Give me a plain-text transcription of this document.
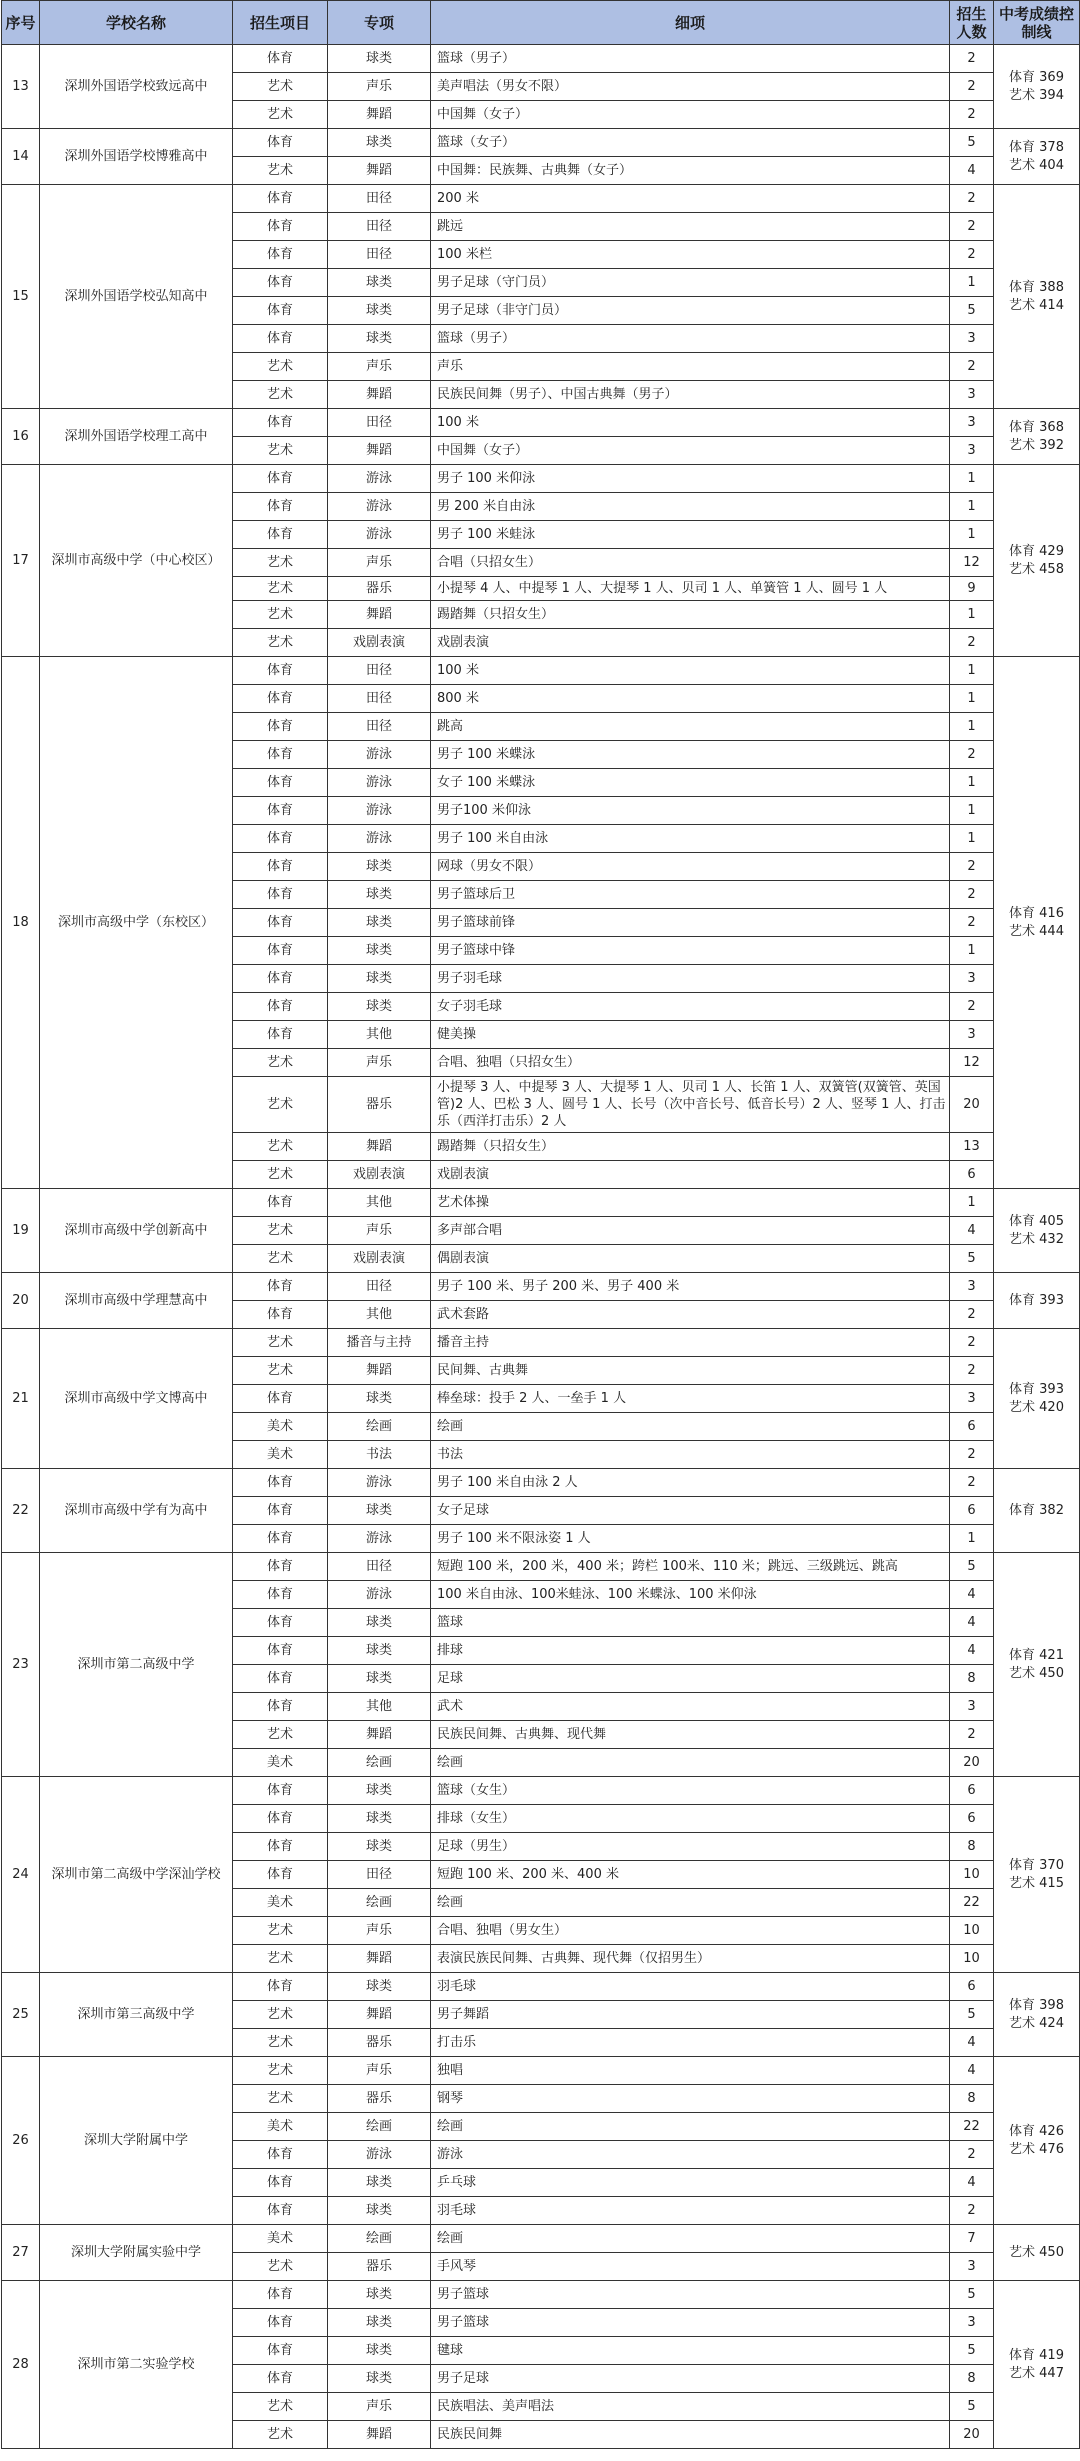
序号	学校名称	招生项目	专项	细项	招生人数	中考成绩控制线
13	深圳外国语学校致远高中	体育	球类	篮球（男子）	2	体育 369
艺术 394

		艺术	声乐	美声唱法（男女不限）	2	
		艺术	舞蹈	中国舞（女子）	2	
14	深圳外国语学校博雅高中	体育	球类	篮球（女子）	5	体育 378
艺术 404

		艺术	舞蹈	中国舞：民族舞、古典舞（女子）	4	
15	深圳外国语学校弘知高中	体育	田径	200 米	2	体育 388
艺术 414

		体育	田径	跳远	2	
		体育	田径	100 米栏	2	
		体育	球类	男子足球（守门员）	1	
		体育	球类	男子足球（非守门员）	5	
		体育	球类	篮球（男子）	3	
		艺术	声乐	声乐	2	
		艺术	舞蹈	民族民间舞（男子）、中国古典舞（男子）	3	
16	深圳外国语学校理工高中	体育	田径	100 米	3	体育 368
艺术 392

		艺术	舞蹈	中国舞（女子）	3	
17	深圳市高级中学（中心校区）	体育	游泳	男子 100 米仰泳	1	体育 429
艺术 458

		体育	游泳	男 200 米自由泳	1	
		体育	游泳	男子 100 米蛙泳	1	
		艺术	声乐	合唱（只招女生）	12	
		艺术	器乐	小提琴 4 人、中提琴 1 人、大提琴 1 人、贝司 1 人、单簧管 1 人、圆号 1 人	9	
		艺术	舞蹈	踢踏舞（只招女生）	1	
		艺术	戏剧表演	戏剧表演	2	
18	深圳市高级中学（东校区）	体育	田径	100 米	1	体育 416
艺术 444

		体育	田径	800 米	1	
		体育	田径	跳高	1	
		体育	游泳	男子 100 米蝶泳	2	
		体育	游泳	女子 100 米蝶泳	1	
		体育	游泳	男子100 米仰泳	1	
		体育	游泳	男子 100 米自由泳	1	
		体育	球类	网球（男女不限）	2	
		体育	球类	男子篮球后卫	2	
		体育	球类	男子篮球前锋	2	
		体育	球类	男子篮球中锋	1	
		体育	球类	男子羽毛球	3	
		体育	球类	女子羽毛球	2	
		体育	其他	健美操	3	
		艺术	声乐	合唱、独唱（只招女生）	12	
		艺术	器乐	小提琴 3 人、中提琴 3 人、大提琴 1 人、贝司 1 人、长笛 1 人、双簧管(双簧管、英国管)2 人、巴松 3 人、圆号 1 人、长号（次中音长号、低音长号）2 人、竖琴 1 人、打击乐（西洋打击乐）2 人	20	
		艺术	舞蹈	踢踏舞（只招女生）	13	
		艺术	戏剧表演	戏剧表演	6	
19	深圳市高级中学创新高中	体育	其他	艺术体操	1	体育 405
艺术 432

		艺术	声乐	多声部合唱	4	
		艺术	戏剧表演	偶剧表演	5	
20	深圳市高级中学理慧高中	体育	田径	男子 100 米、男子 200 米、男子 400 米	3	体育 393

		体育	其他	武术套路	2	
21	深圳市高级中学文博高中	艺术	播音与主持	播音主持	2	体育 393
艺术 420

		艺术	舞蹈	民间舞、古典舞	2	
		体育	球类	棒垒球：投手 2 人、一垒手 1 人	3	
		美术	绘画	绘画	6	
		美术	书法	书法	2	
22	深圳市高级中学有为高中	体育	游泳	男子 100 米自由泳 2 人	2	体育 382

		体育	球类	女子足球	6	
		体育	游泳	男子 100 米不限泳姿 1 人	1	
23	深圳市第二高级中学	体育	田径	短跑 100 米，200 米，400 米；跨栏 100米、110 米；跳远、三级跳远、跳高	5	体育 421
艺术 450

		体育	游泳	100 米自由泳、100米蛙泳、100 米蝶泳、100 米仰泳	4	
		体育	球类	篮球	4	
		体育	球类	排球	4	
		体育	球类	足球	8	
		体育	其他	武术	3	
		艺术	舞蹈	民族民间舞、古典舞、现代舞	2	
		美术	绘画	绘画	20	
24	深圳市第二高级中学深汕学校	体育	球类	篮球（女生）	6	体育 370
艺术 415

		体育	球类	排球（女生）	6	
		体育	球类	足球（男生）	8	
		体育	田径	短跑 100 米、200 米、400 米	10	
		美术	绘画	绘画	22	
		艺术	声乐	合唱、独唱（男女生）	10	
		艺术	舞蹈	表演民族民间舞、古典舞、现代舞（仅招男生）	10	
25	深圳市第三高级中学	体育	球类	羽毛球	6	体育 398
艺术 424

		艺术	舞蹈	男子舞蹈	5	
		艺术	器乐	打击乐	4	
26	深圳大学附属中学	艺术	声乐	独唱	4	体育 426
艺术 476

		艺术	器乐	钢琴	8	
		美术	绘画	绘画	22	
		体育	游泳	游泳	2	
		体育	球类	乒乓球	4	
		体育	球类	羽毛球	2	
27	深圳大学附属实验中学	美术	绘画	绘画	7	艺术 450

		艺术	器乐	手风琴	3	
28	深圳市第二实验学校	体育	球类	男子篮球	5	体育 419
艺术 447

		体育	球类	男子篮球	3	
		体育	球类	毽球	5	
		体育	球类	男子足球	8	
		艺术	声乐	民族唱法、美声唱法	5	
		艺术	舞蹈	民族民间舞	20	
